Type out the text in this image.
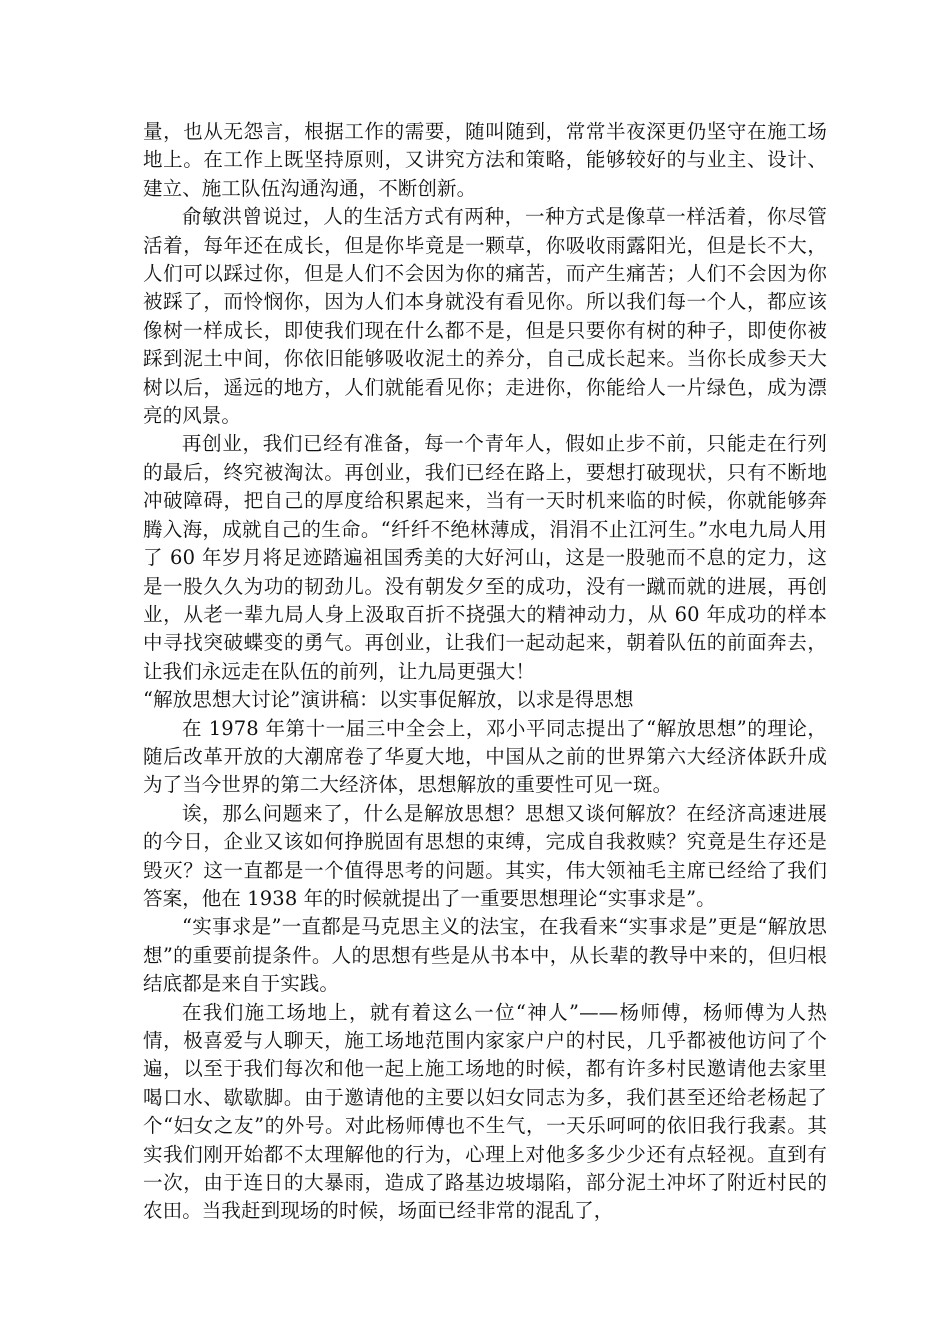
量，也从无怨言，根据工作的需要，随叫随到，常常半夜深更仍坚守在施工场地上。在工作上既坚持原则，又讲究方法和策略，能够较好的与业主、设计、建立、施工队伍沟通沟通，不断创新。

俞敏洪曾说过，人的生活方式有两种，一种方式是像草一样活着，你尽管活着，每年还在成长，但是你毕竟是一颗草，你吸收雨露阳光，但是长不大，人们可以踩过你，但是人们不会因为你的痛苦，而产生痛苦；人们不会因为你被踩了，而怜悯你，因为人们本身就没有看见你。所以我们每一个人，都应该像树一样成长，即使我们现在什么都不是，但是只要你有树的种子，即使你被踩到泥土中间，你依旧能够吸收泥土的养分，自己成长起来。当你长成参天大树以后，遥远的地方，人们就能看见你；走进你，你能给人一片绿色，成为漂亮的风景。

再创业，我们已经有准备，每一个青年人，假如止步不前，只能走在行列的最后，终究被淘汰。再创业，我们已经在路上，要想打破现状，只有不断地冲破障碍，把自己的厚度给积累起来，当有一天时机来临的时候，你就能够奔腾入海，成就自己的生命。“纤纤不绝林薄成，涓涓不止江河生。”水电九局人用了 60 年岁月将足迹踏遍祖国秀美的大好河山，这是一股驰而不息的定力，这是一股久久为功的韧劲儿。没有朝发夕至的成功，没有一蹴而就的进展，再创业，从老一辈九局人身上汲取百折不挠强大的精神动力，从 60 年成功的样本中寻找突破蝶变的勇气。再创业，让我们一起动起来，朝着队伍的前面奔去，让我们永远走在队伍的前列，让九局更强大！

“解放思想大讨论”演讲稿：以实事促解放，以求是得思想

在 1978 年第十一届三中全会上，邓小平同志提出了“解放思想”的理论，随后改革开放的大潮席卷了华夏大地，中国从之前的世界第六大经济体跃升成为了当今世界的第二大经济体，思想解放的重要性可见一斑。

诶，那么问题来了，什么是解放思想？思想又谈何解放？在经济高速进展的今日，企业又该如何挣脱固有思想的束缚，完成自我救赎？究竟是生存还是毁灭？这一直都是一个值得思考的问题。其实，伟大领袖毛主席已经给了我们答案，他在 1938 年的时候就提出了一重要思想理论“实事求是”。

“实事求是”一直都是马克思主义的法宝，在我看来“实事求是”更是“解放思想”的重要前提条件。人的思想有些是从书本中，从长辈的教导中来的，但归根结底都是来自于实践。

在我们施工场地上，就有着这么一位“神人”——杨师傅，杨师傅为人热情，极喜爱与人聊天，施工场地范围内家家户户的村民，几乎都被他访问了个遍，以至于我们每次和他一起上施工场地的时候，都有许多村民邀请他去家里喝口水、歇歇脚。由于邀请他的主要以妇女同志为多，我们甚至还给老杨起了个“妇女之友”的外号。对此杨师傅也不生气，一天乐呵呵的依旧我行我素。其实我们刚开始都不太理解他的行为，心理上对他多多少少还有点轻视。直到有一次，由于连日的大暴雨，造成了路基边坡塌陷，部分泥土冲坏了附近村民的农田。当我赶到现场的时候，场面已经非常的混乱了，
